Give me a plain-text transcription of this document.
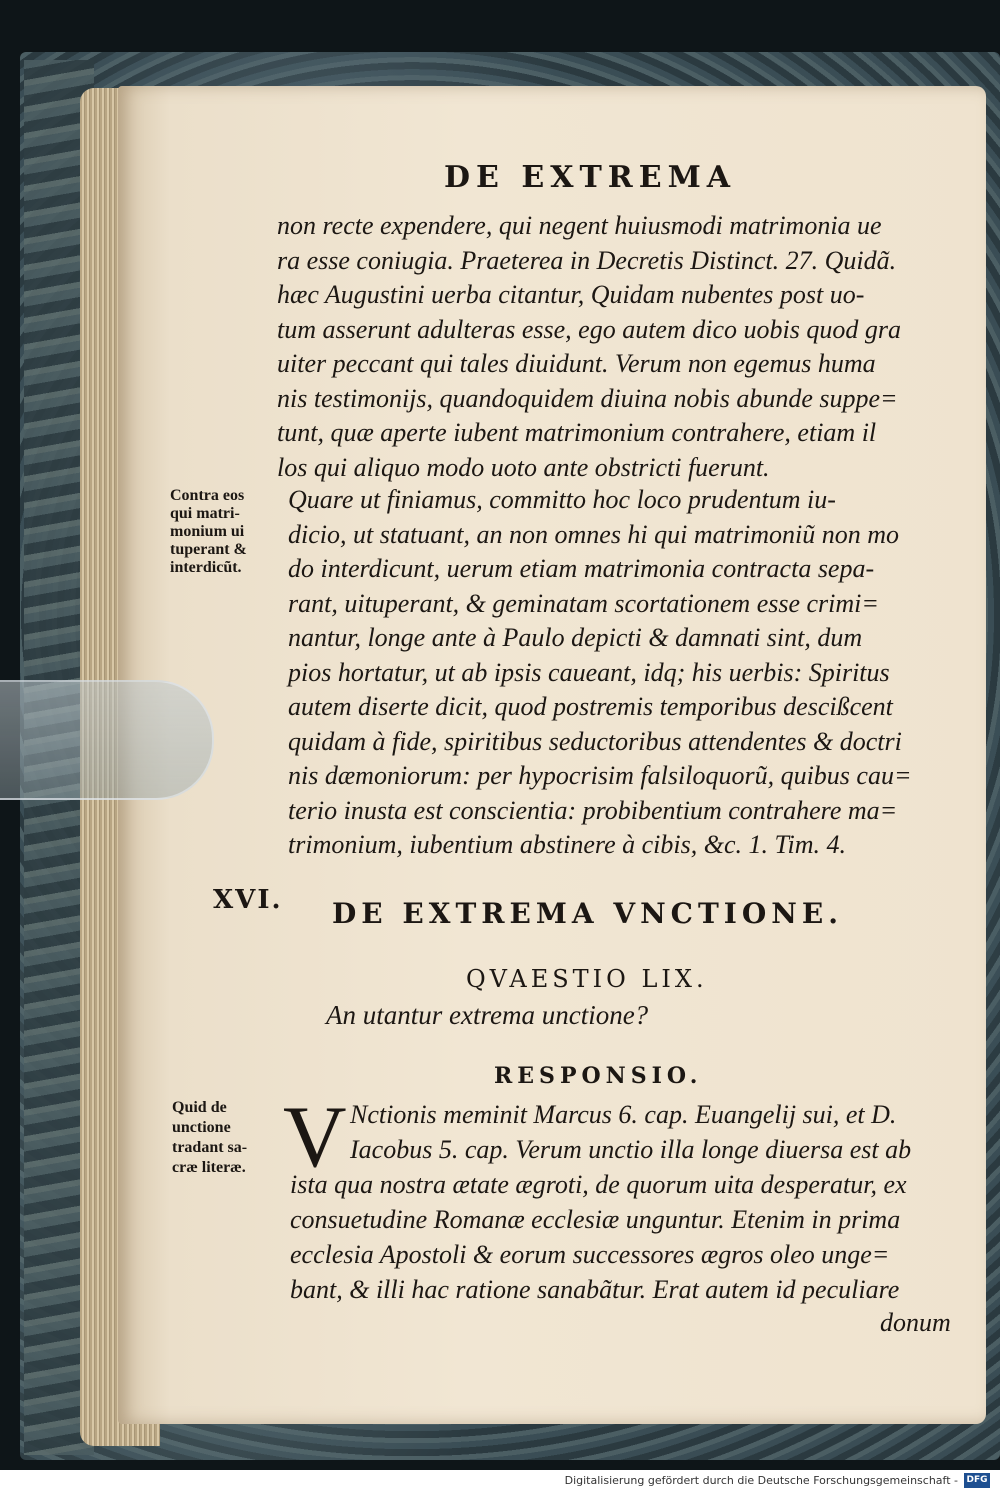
DE EXTREMA
non recte expendere, qui negent huiusmodi matrimonia ue
ra esse coniugia. Praeterea in Decretis Distinct. 27. Quidã.
hæc Augustini uerba citantur, Quidam nubentes post uo-
tum asserunt adulteras esse, ego autem dico uobis quod gra
uiter peccant qui tales diuidunt. Verum non egemus huma
nis testimonijs, quandoquidem diuina nobis abunde suppe=
tunt, quæ aperte iubent matrimonium contrahere, etiam il
los qui aliquo modo uoto ante obstricti fuerunt.
Contra eos
qui matri-
monium ui
tuperant &
interdicũt.
Quare ut finiamus, committo hoc loco prudentum iu-
dicio, ut statuant, an non omnes hi qui matrimoniũ non mo
do interdicunt, uerum etiam matrimonia contracta sepa-
rant, uituperant, & geminatam scortationem esse crimi=
nantur, longe ante à Paulo depicti & damnati sint, dum
pios hortatur, ut ab ipsis caueant, idq; his uerbis: Spiritus
autem diserte dicit, quod postremis temporibus descißcent
quidam à fide, spiritibus seductoribus attendentes & doctri
nis dæmoniorum: per hypocrisim falsiloquorũ, quibus cau=
terio inusta est conscientia: probibentium contrahere ma=
trimonium, iubentium abstinere à cibis, &c. 1. Tim. 4.
XVI. DE EXTREMA VNCTIONE.
QVAESTIO LIX.
An utantur extrema unctione?
RESPONSIO.
V
Quid de
unctione
tradant sa-
cræ literæ.
Nctionis meminit Marcus 6. cap. Euangelij sui, et D.
Iacobus 5. cap. Verum unctio illa longe diuersa est ab
ista qua nostra ætate ægroti, de quorum uita desperatur, ex
consuetudine Romanæ ecclesiæ unguntur. Etenim in prima
ecclesia Apostoli & eorum successores ægros oleo unge=
bant, & illi hac ratione sanabãtur. Erat autem id peculiare
donum
Digitalisierung gefördert durch die Deutsche Forschungsgemeinschaft - DFG
